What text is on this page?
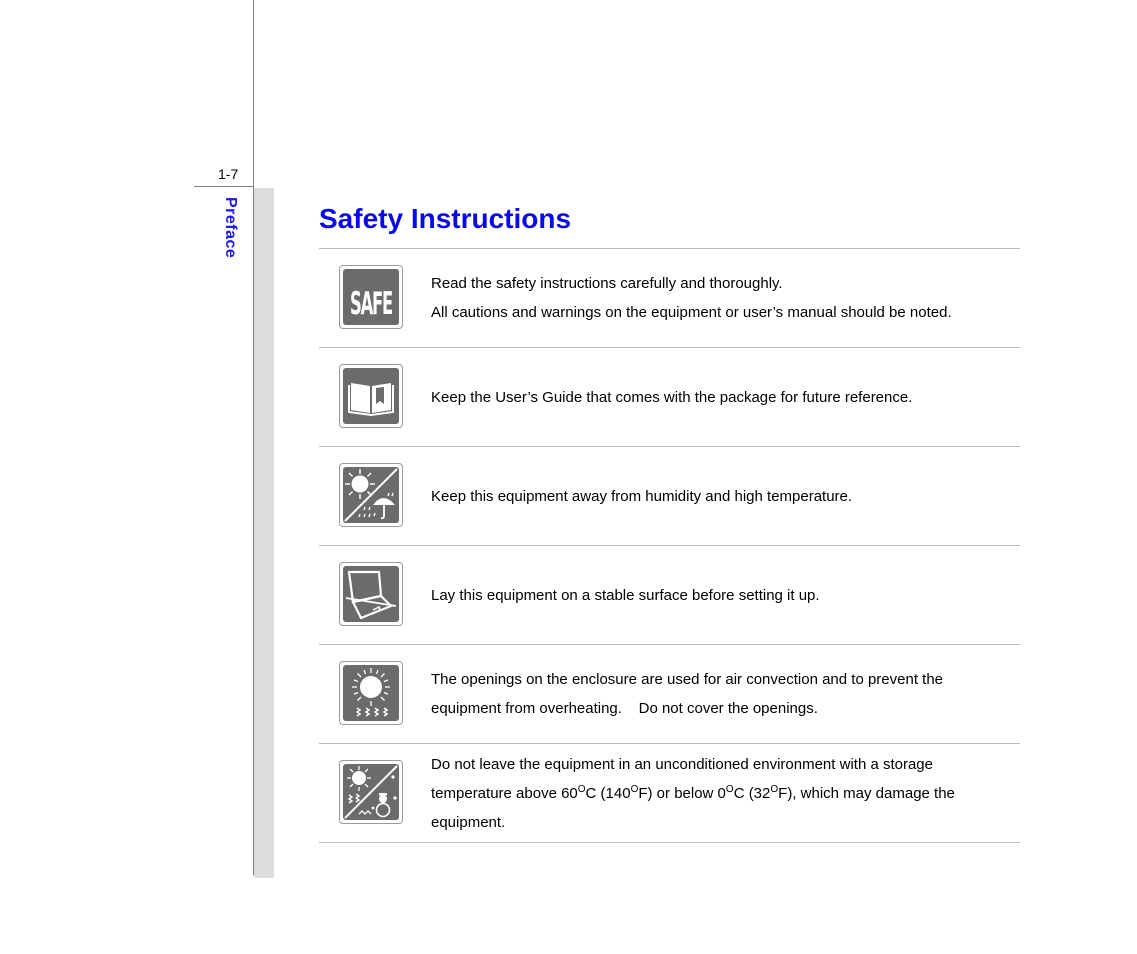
1-7
Preface	Safety Instructions
SAFE

Read the safety instructions carefully and thoroughly.

All cautions and warnings on the equipment or user’s manual should be noted.

Keep the User’s Guide that comes with the package for future reference.

Keep this equipment away from humidity and high temperature.

Lay this equipment on a stable surface before setting it up.

The openings on the enclosure are used for air convection and to prevent the

equipment from overheating.    Do not cover the openings.

Do not leave the equipment in an unconditioned environment with a storage

temperature above $60^OC$ $(140^OF)$ or below $0^OC$ $(32^OF)$, which may damage the

equipment.
